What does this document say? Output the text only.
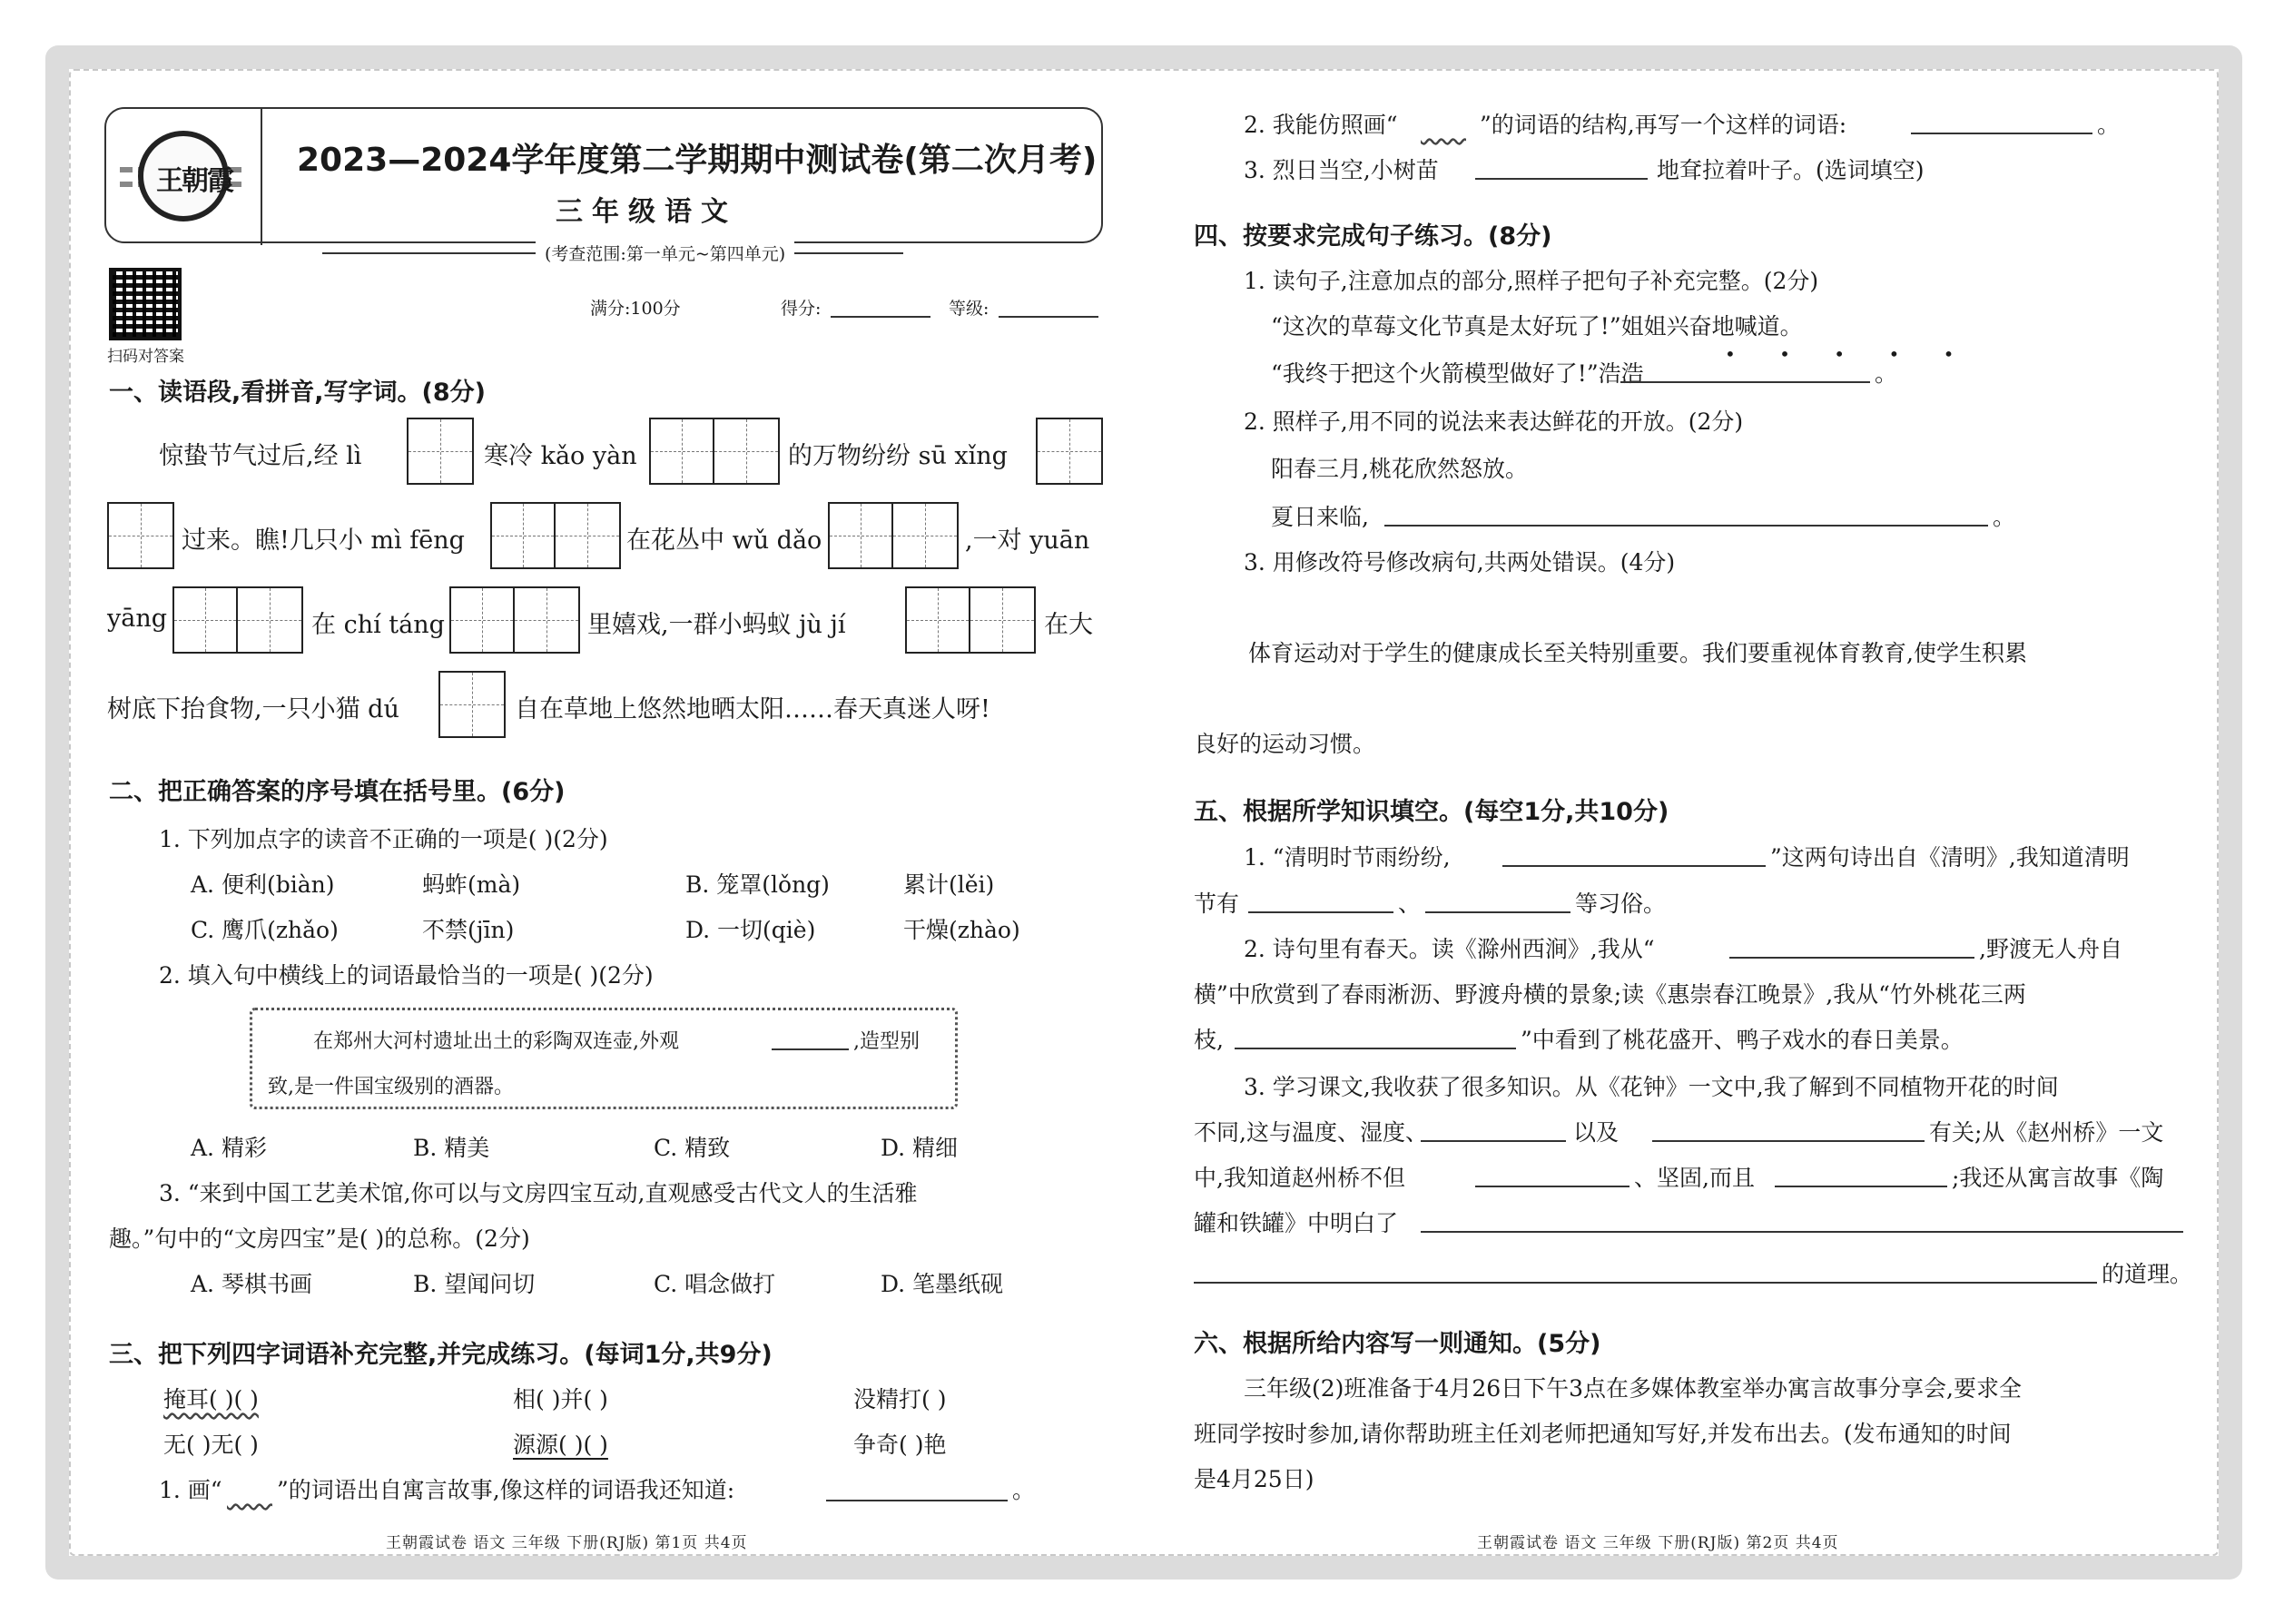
王朝霞
2023—2024学年度第二学期期中测试卷(第二次月考)
三年级语文
(考查范围:第一单元~第四单元)
扫码对答案
满分:100分	得分:	等级:
一、读语段,看拼音,写字词。(8分)
惊蛰节气过后,经 lì	寒冷 kǎo yàn	的万物纷纷 sū xǐng
过来。瞧!几只小 mì fēng	在花丛中 wǔ dǎo	,一对 yuān
yāng	在 chí táng	里嬉戏,一群小蚂蚁 jù jí	在大
树底下抬食物,一只小猫 dú	自在草地上悠然地晒太阳……春天真迷人呀!
二、把正确答案的序号填在括号里。(6分)
1. 下列加点字的读音不正确的一项是( )(2分)
A. 便利(biàn)	蚂蚱(mà)	B. 笼罩(lǒng)	累计(lěi)
C. 鹰爪(zhǎo)	不禁(jīn)	D. 一切(qiè)	干燥(zhào)
2. 填入句中横线上的词语最恰当的一项是( )(2分)
在郑州大河村遗址出土的彩陶双连壶,外观	,造型别
致,是一件国宝级别的酒器。
A. 精彩	B. 精美	C. 精致	D. 精细
3. “来到中国工艺美术馆,你可以与文房四宝互动,直观感受古代文人的生活雅
趣。”句中的“文房四宝”是( )的总称。(2分)
A. 琴棋书画	B. 望闻问切	C. 唱念做打	D. 笔墨纸砚
三、把下列四字词语补充完整,并完成练习。(每词1分,共9分)
掩耳( )( )	相( )并( )	没精打( )
无( )无( )	源源( )( )	争奇( )艳
1. 画“ ”的词语出自寓言故事,像这样的词语我还知道:	。
王朝霞试卷 语文 三年级 下册(RJ版) 第1页 共4页
2. 我能仿照画“	”的词语的结构,再写一个这样的词语:	。
3. 烈日当空,小树苗	地耷拉着叶子。(选词填空)
四、按要求完成句子练习。(8分)
1. 读句子,注意加点的部分,照样子把句子补充完整。(2分)
“这次的草莓文化节真是太好玩了!”姐姐兴奋地喊道。
• • • • •
“我终于把这个火箭模型做好了!”浩浩	。
2. 照样子,用不同的说法来表达鲜花的开放。(2分)
阳春三月,桃花欣然怒放。
夏日来临,	。
3. 用修改符号修改病句,共两处错误。(4分)
体育运动对于学生的健康成长至关特别重要。我们要重视体育教育,使学生积累
良好的运动习惯。
五、根据所学知识填空。(每空1分,共10分)
1. “清明时节雨纷纷,	”这两句诗出自《清明》,我知道清明
节有	、	等习俗。
2. 诗句里有春天。读《滁州西涧》,我从“	,野渡无人舟自
横”中欣赏到了春雨淅沥、野渡舟横的景象;读《惠崇春江晚景》,我从“竹外桃花三两
枝,	”中看到了桃花盛开、鸭子戏水的春日美景。
3. 学习课文,我收获了很多知识。从《花钟》一文中,我了解到不同植物开花的时间
不同,这与温度、湿度、	以及	有关;从《赵州桥》一文
中,我知道赵州桥不但	、坚固,而且	;我还从寓言故事《陶
罐和铁罐》中明白了
的道理。
六、根据所给内容写一则通知。(5分)
三年级(2)班准备于4月26日下午3点在多媒体教室举办寓言故事分享会,要求全
班同学按时参加,请你帮助班主任刘老师把通知写好,并发布出去。(发布通知的时间
是4月25日)
王朝霞试卷 语文 三年级 下册(RJ版) 第2页 共4页
